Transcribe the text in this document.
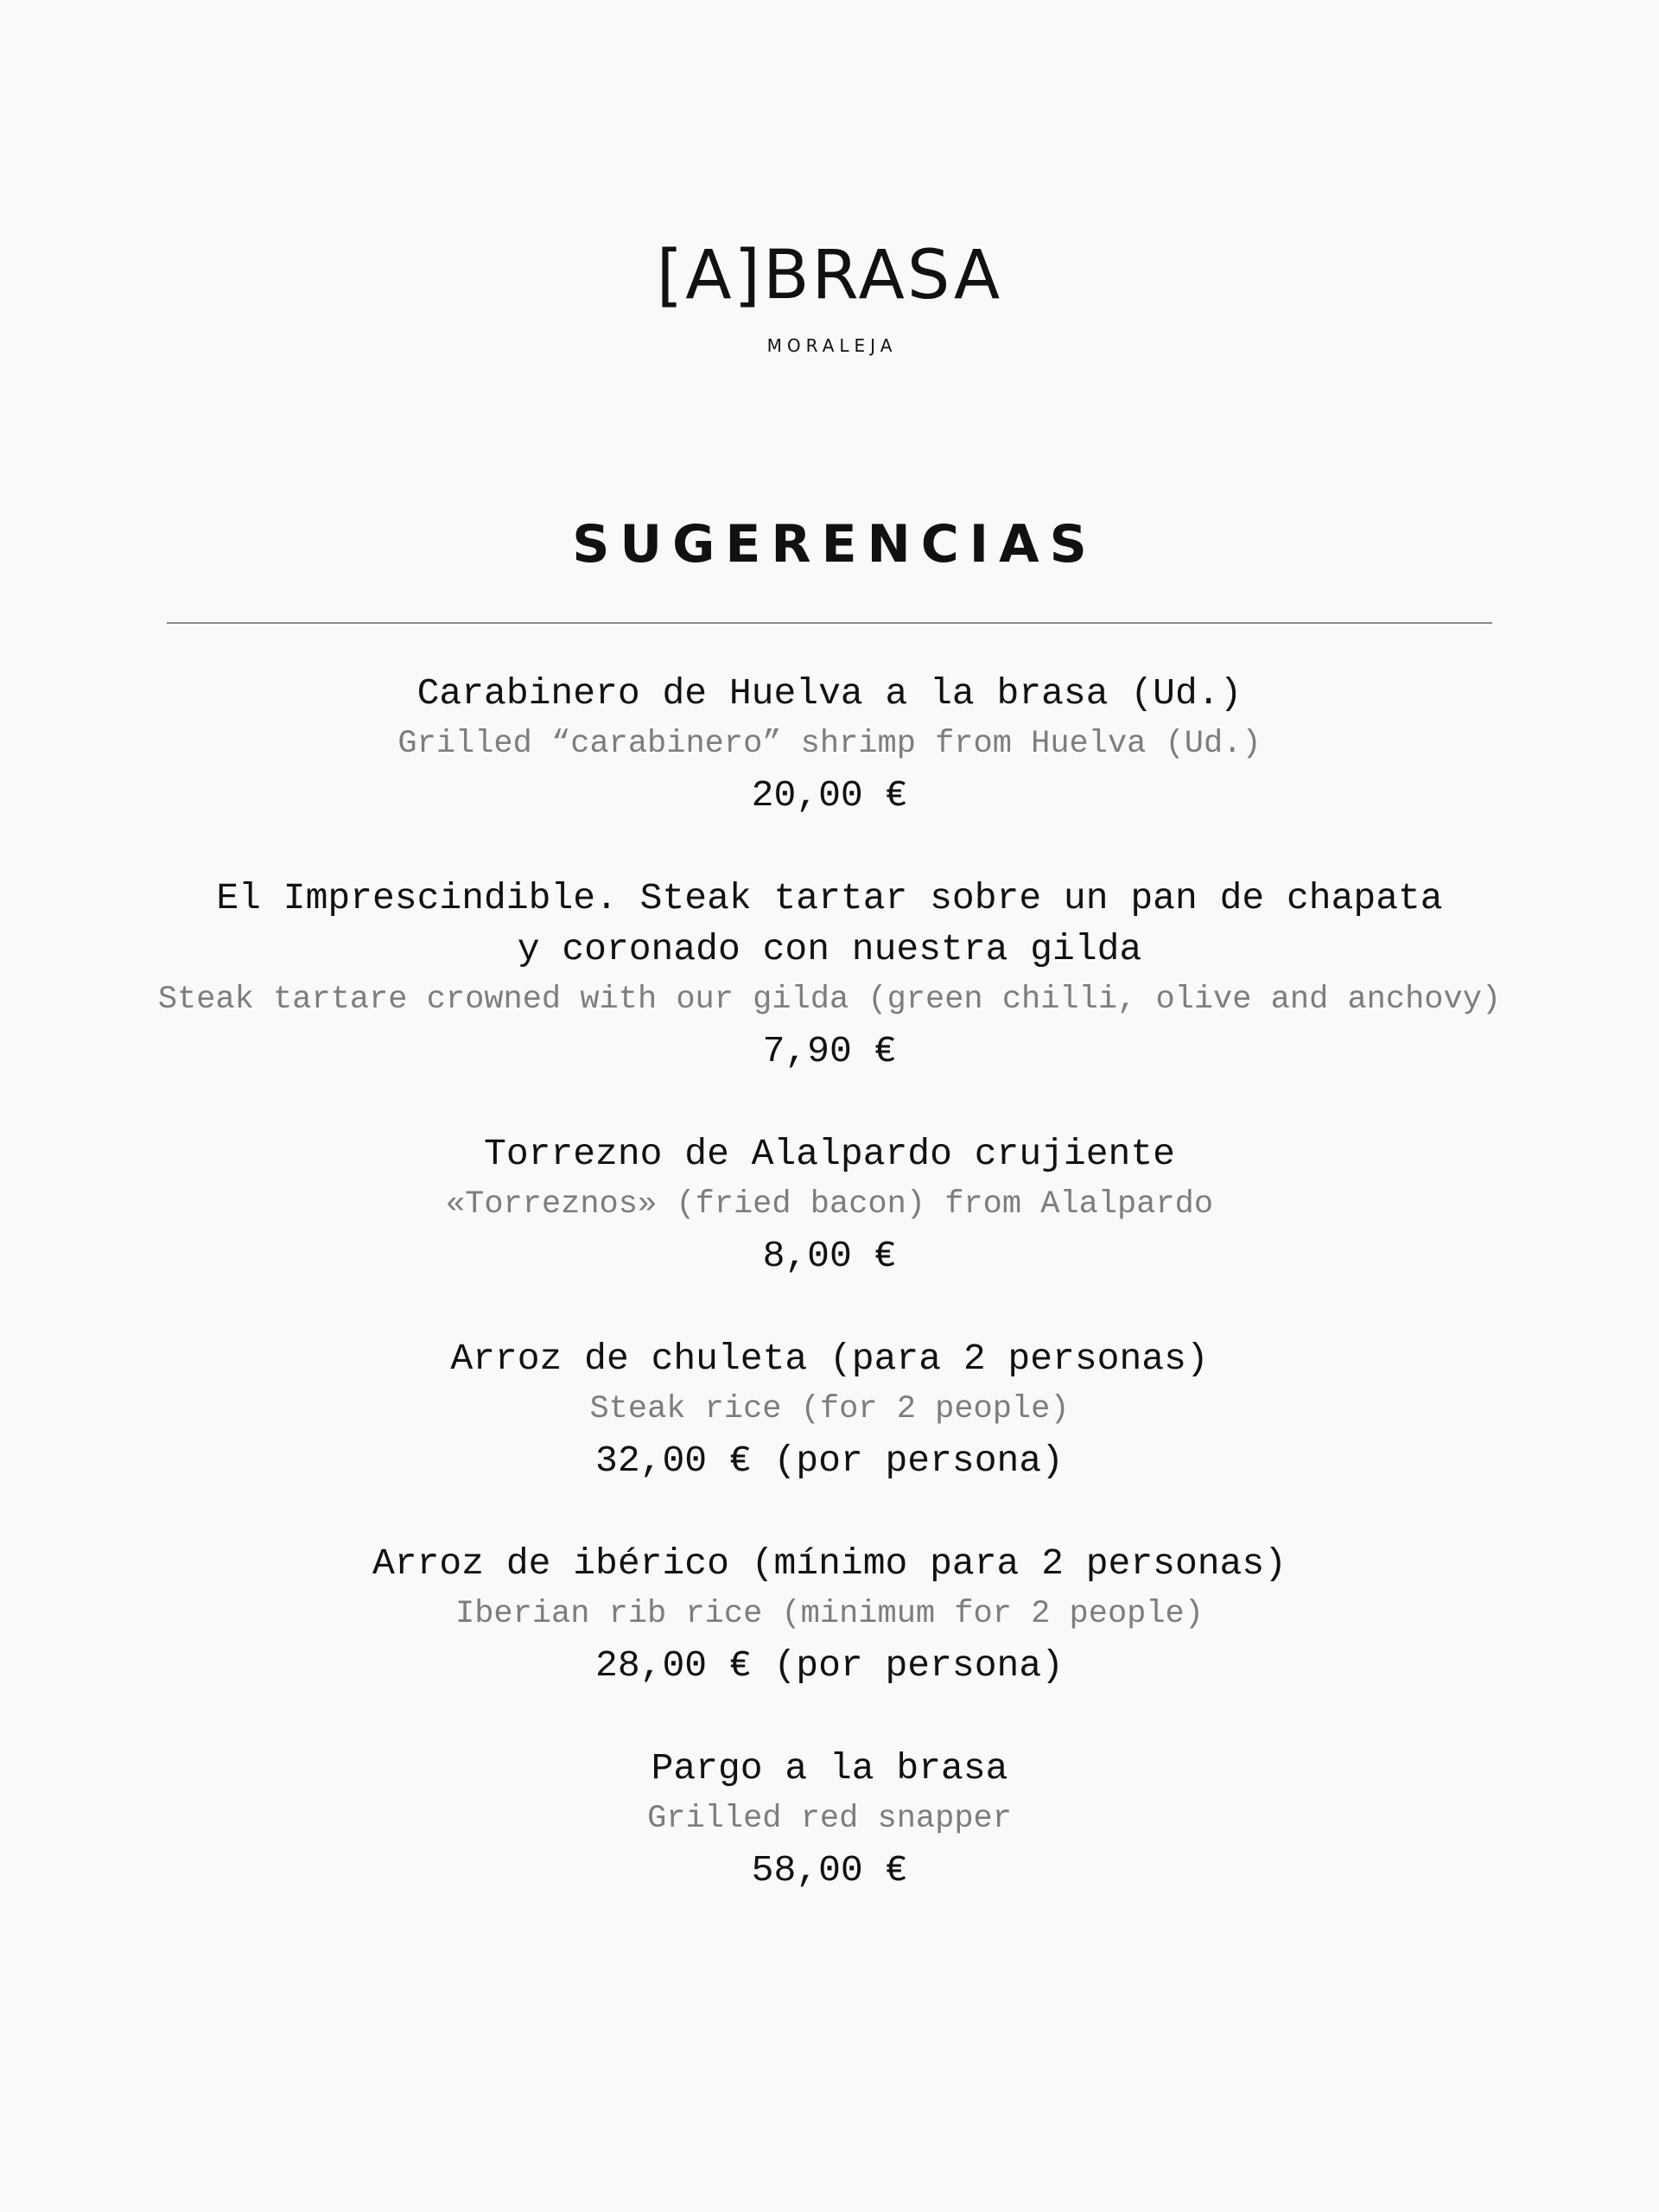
[A]BRASA
MORALEJA
SUGERENCIAS
Carabinero de Huelva a la brasa (Ud.)
Grilled “carabinero” shrimp from Huelva (Ud.)
20,00 €
El Imprescindible. Steak tartar sobre un pan de chapata
y coronado con nuestra gilda
Steak tartare crowned with our gilda (green chilli, olive and anchovy)
7,90 €
Torrezno de Alalpardo crujiente
«Torreznos» (fried bacon) from Alalpardo
8,00 €
Arroz de chuleta (para 2 personas)
Steak rice (for 2 people)
32,00 € (por persona)
Arroz de ibérico (mínimo para 2 personas)
Iberian rib rice (minimum for 2 people)
28,00 € (por persona)
Pargo a la brasa
Grilled red snapper
58,00 €
